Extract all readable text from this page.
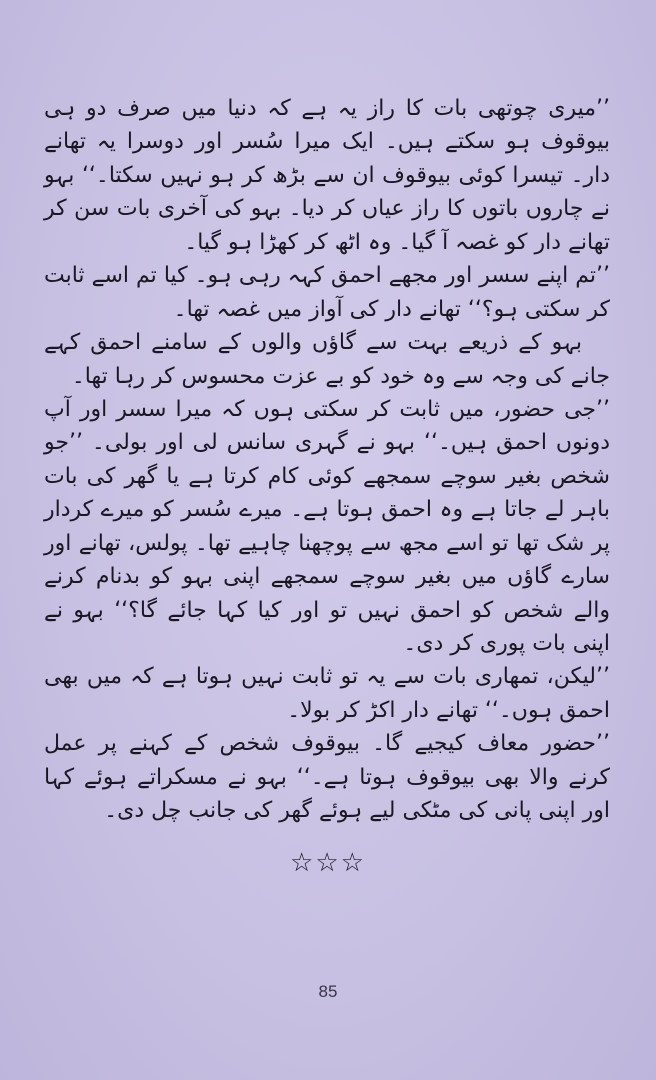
’’میری چوتھی بات کا راز یہ ہے کہ دنیا میں صرف دو ہی بیوقوف ہو سکتے ہیں۔ ایک میرا سُسر اور دوسرا یہ تھانے دار۔ تیسرا کوئی بیوقوف ان سے بڑھ کر ہو نہیں سکتا۔‘‘ بہو نے چاروں باتوں کا راز عیاں کر دیا۔ بہو کی آخری بات سن کر تھانے دار کو غصہ آ گیا۔ وہ اٹھ کر کھڑا ہو گیا۔

’’تم اپنے سسر اور مجھے احمق کہہ رہی ہو۔ کیا تم اسے ثابت کر سکتی ہو؟‘‘ تھانے دار کی آواز میں غصہ تھا۔

بہو کے ذریعے بہت سے گاؤں والوں کے سامنے احمق کہے جانے کی وجہ سے وہ خود کو بے عزت محسوس کر رہا تھا۔

’’جی حضور، میں ثابت کر سکتی ہوں کہ میرا سسر اور آپ دونوں احمق ہیں۔‘‘ بہو نے گہری سانس لی اور بولی۔ ’’جو شخص بغیر سوچے سمجھے کوئی کام کرتا ہے یا گھر کی بات باہر لے جاتا ہے وہ احمق ہوتا ہے۔ میرے سُسر کو میرے کردار پر شک تھا تو اسے مجھ سے پوچھنا چاہیے تھا۔ پولس، تھانے اور سارے گاؤں میں بغیر سوچے سمجھے اپنی بہو کو بدنام کرنے والے شخص کو احمق نہیں تو اور کیا کہا جائے گا؟‘‘ بہو نے اپنی بات پوری کر دی۔

’’لیکن، تمھاری بات سے یہ تو ثابت نہیں ہوتا ہے کہ میں بھی احمق ہوں۔‘‘ تھانے دار اکڑ کر بولا۔

’’حضور معاف کیجیے گا۔ بیوقوف شخص کے کہنے پر عمل کرنے والا بھی بیوقوف ہوتا ہے۔‘‘ بہو نے مسکراتے ہوئے کہا اور اپنی پانی کی مٹکی لیے ہوئے گھر کی جانب چل دی۔

☆☆☆
85
